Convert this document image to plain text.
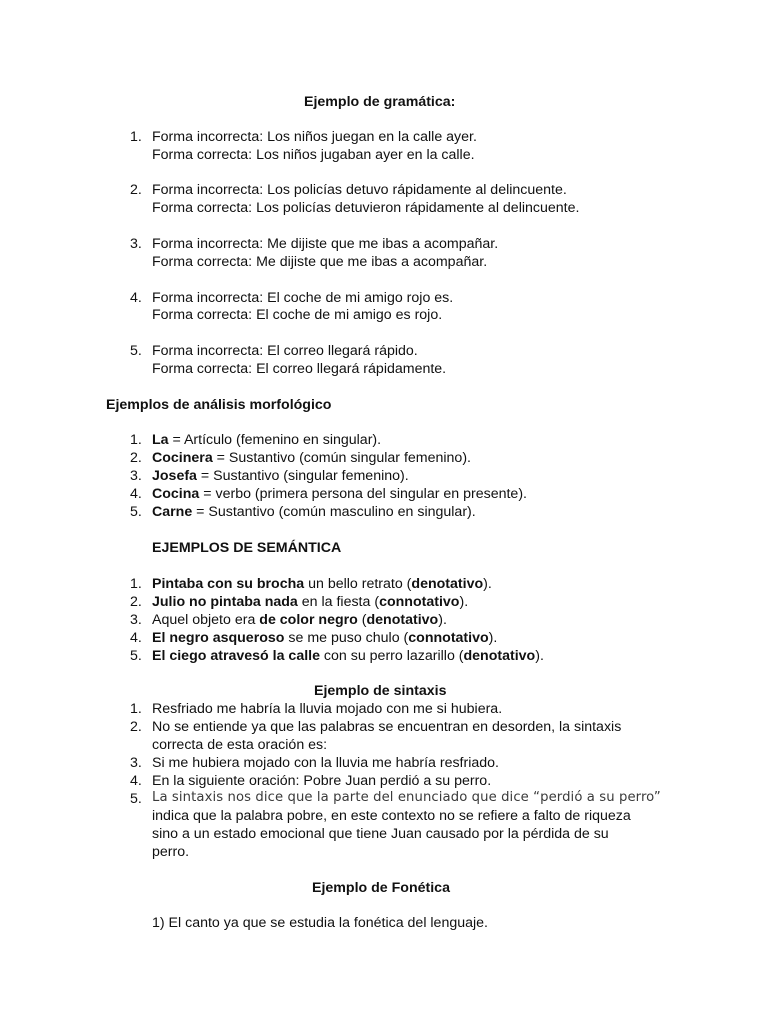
Ejemplo de gramática:
1. Forma incorrecta: Los niños juegan en la calle ayer.
Forma correcta: Los niños jugaban ayer en la calle.
2. Forma incorrecta: Los policías detuvo rápidamente al delincuente.
Forma correcta: Los policías detuvieron rápidamente al delincuente.
3. Forma incorrecta: Me dijiste que me ibas a acompañar.
Forma correcta: Me dijiste que me ibas a acompañar.
4. Forma incorrecta: El coche de mi amigo rojo es.
Forma correcta: El coche de mi amigo es rojo.
5. Forma incorrecta: El correo llegará rápido.
Forma correcta: El correo llegará rápidamente.
Ejemplos de análisis morfológico
1. La = Artículo (femenino en singular).
2. Cocinera = Sustantivo (común singular femenino).
3. Josefa = Sustantivo (singular femenino).
4. Cocina = verbo (primera persona del singular en presente).
5. Carne = Sustantivo (común masculino en singular).
EJEMPLOS DE SEMÁNTICA
1. Pintaba con su brocha un bello retrato (denotativo).
2. Julio no pintaba nada en la fiesta (connotativo).
3. Aquel objeto era de color negro (denotativo).
4. El negro asqueroso se me puso chulo (connotativo).
5. El ciego atravesó la calle con su perro lazarillo (denotativo).
Ejemplo de sintaxis
1. Resfriado me habría la lluvia mojado con me si hubiera.
2. No se entiende ya que las palabras se encuentran en desorden, la sintaxis
correcta de esta oración es:
3. Si me hubiera mojado con la lluvia me habría resfriado.
4. En la siguiente oración: Pobre Juan perdió a su perro.
5. La sintaxis nos dice que la parte del enunciado que dice “perdió a su perro”
indica que la palabra pobre, en este contexto no se refiere a falto de riqueza
sino a un estado emocional que tiene Juan causado por la pérdida de su
perro.
Ejemplo de Fonética
1) El canto ya que se estudia la fonética del lenguaje.
